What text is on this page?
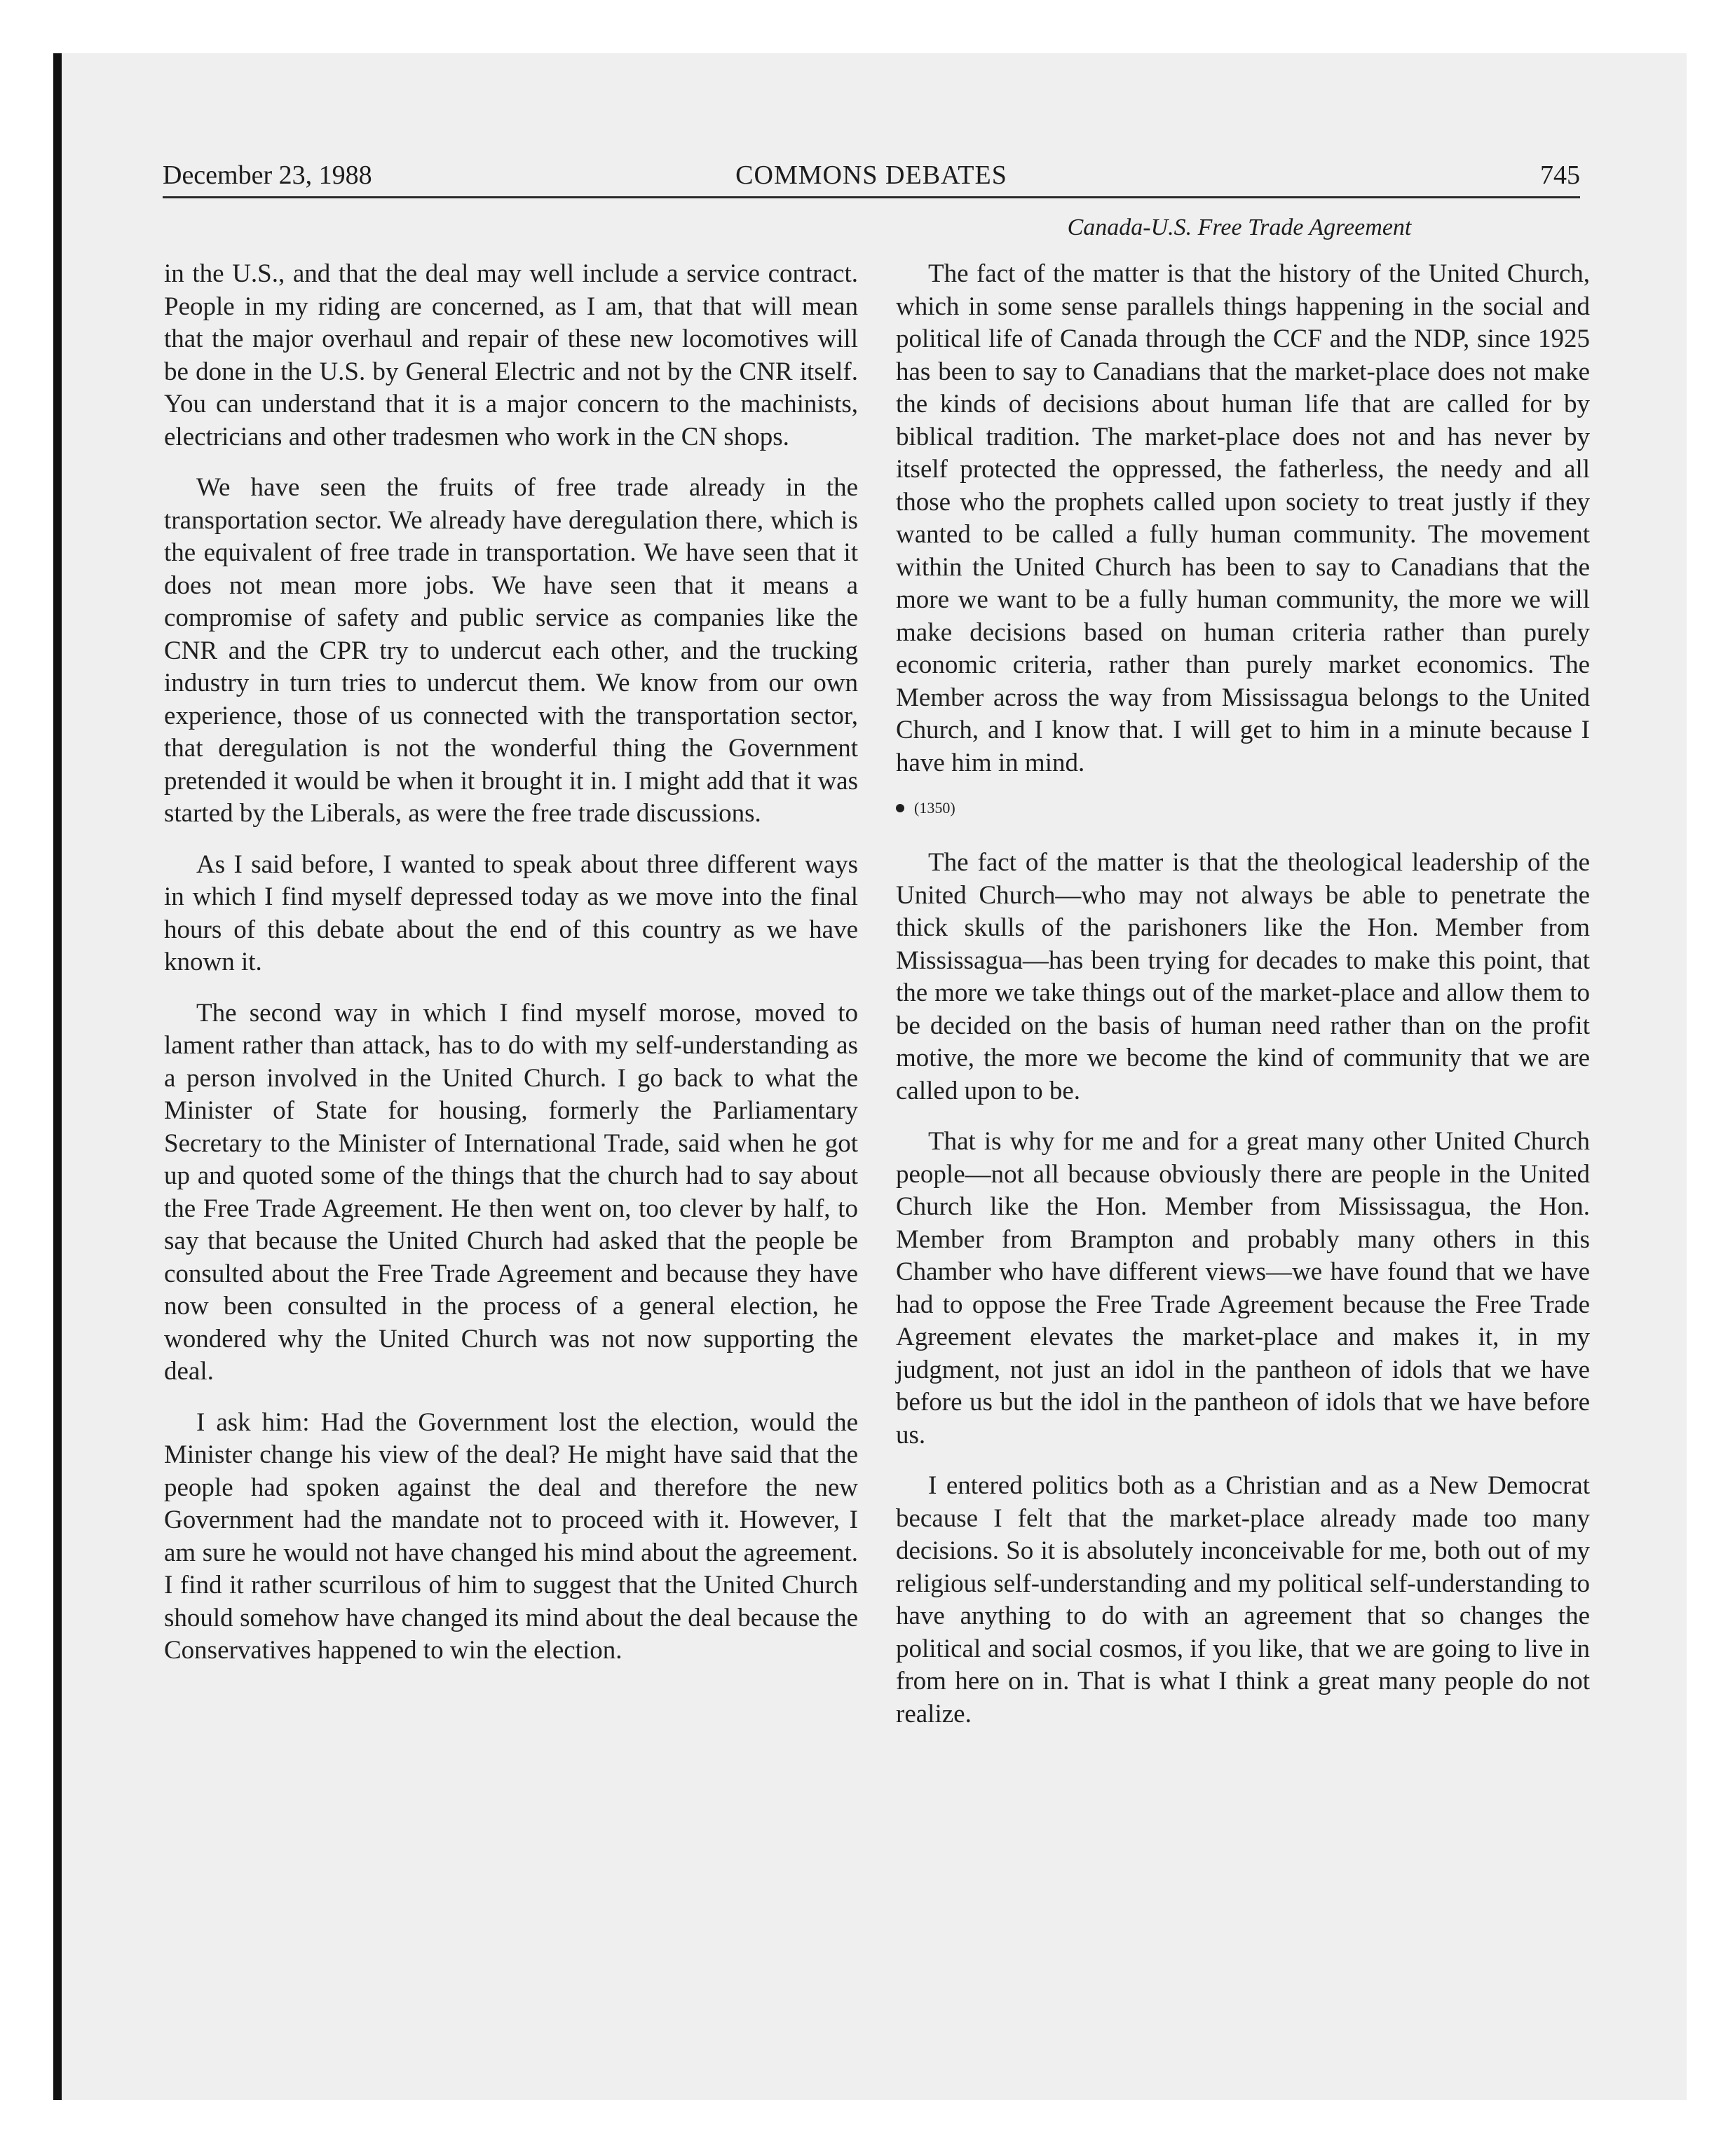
December 23, 1988	COMMONS DEBATES	745
Canada-U.S. Free Trade Agreement

in the U.S., and that the deal may well include a service contract. People in my riding are concerned, as I am, that that will mean that the major overhaul and repair of these new locomotives will be done in the U.S. by General Electric and not by the CNR itself. You can understand that it is a major concern to the machinists, electricians and other tradesmen who work in the CN shops.

We have seen the fruits of free trade already in the transportation sector. We already have deregulation there, which is the equivalent of free trade in transportation. We have seen that it does not mean more jobs. We have seen that it means a compromise of safety and public service as companies like the CNR and the CPR try to undercut each other, and the trucking industry in turn tries to undercut them. We know from our own experience, those of us connected with the transportation sector, that deregulation is not the wonderful thing the Government pretended it would be when it brought it in. I might add that it was started by the Liberals, as were the free trade discussions.

As I said before, I wanted to speak about three different ways in which I find myself depressed today as we move into the final hours of this debate about the end of this country as we have known it.

The second way in which I find myself morose, moved to lament rather than attack, has to do with my self-understanding as a person involved in the United Church. I go back to what the Minister of State for housing, formerly the Parliamentary Secretary to the Minister of International Trade, said when he got up and quoted some of the things that the church had to say about the Free Trade Agreement. He then went on, too clever by half, to say that because the United Church had asked that the people be consulted about the Free Trade Agreement and because they have now been consulted in the process of a general election, he wondered why the United Church was not now supporting the deal.

I ask him: Had the Government lost the election, would the Minister change his view of the deal? He might have said that the people had spoken against the deal and therefore the new Government had the mandate not to proceed with it. However, I am sure he would not have changed his mind about the agreement. I find it rather scurrilous of him to suggest that the United Church should somehow have changed its mind about the deal because the Conservatives happened to win the election.

The fact of the matter is that the history of the United Church, which in some sense parallels things happening in the social and political life of Canada through the CCF and the NDP, since 1925 has been to say to Canadians that the market-place does not make the kinds of decisions about human life that are called for by biblical tradition. The market-place does not and has never by itself protected the oppressed, the fatherless, the needy and all those who the prophets called upon society to treat justly if they wanted to be called a fully human community. The movement within the United Church has been to say to Canadians that the more we want to be a fully human community, the more we will make decisions based on human criteria rather than purely economic criteria, rather than purely market economics. The Member across the way from Mississagua belongs to the United Church, and I know that. I will get to him in a minute because I have him in mind.

(1350)

The fact of the matter is that the theological leadership of the United Church—who may not always be able to penetrate the thick skulls of the parishoners like the Hon. Member from Mississagua—has been trying for decades to make this point, that the more we take things out of the market-place and allow them to be decided on the basis of human need rather than on the profit motive, the more we become the kind of community that we are called upon to be.

That is why for me and for a great many other United Church people—not all because obviously there are people in the United Church like the Hon. Member from Mississagua, the Hon. Member from Brampton and probably many others in this Chamber who have different views—we have found that we have had to oppose the Free Trade Agreement because the Free Trade Agreement elevates the market-place and makes it, in my judgment, not just an idol in the pantheon of idols that we have before us but the idol in the pantheon of idols that we have before us.

I entered politics both as a Christian and as a New Democrat because I felt that the market-place already made too many decisions. So it is absolutely inconceivable for me, both out of my religious self-understanding and my political self-understanding to have anything to do with an agreement that so changes the political and social cosmos, if you like, that we are going to live in from here on in. That is what I think a great many people do not realize.
